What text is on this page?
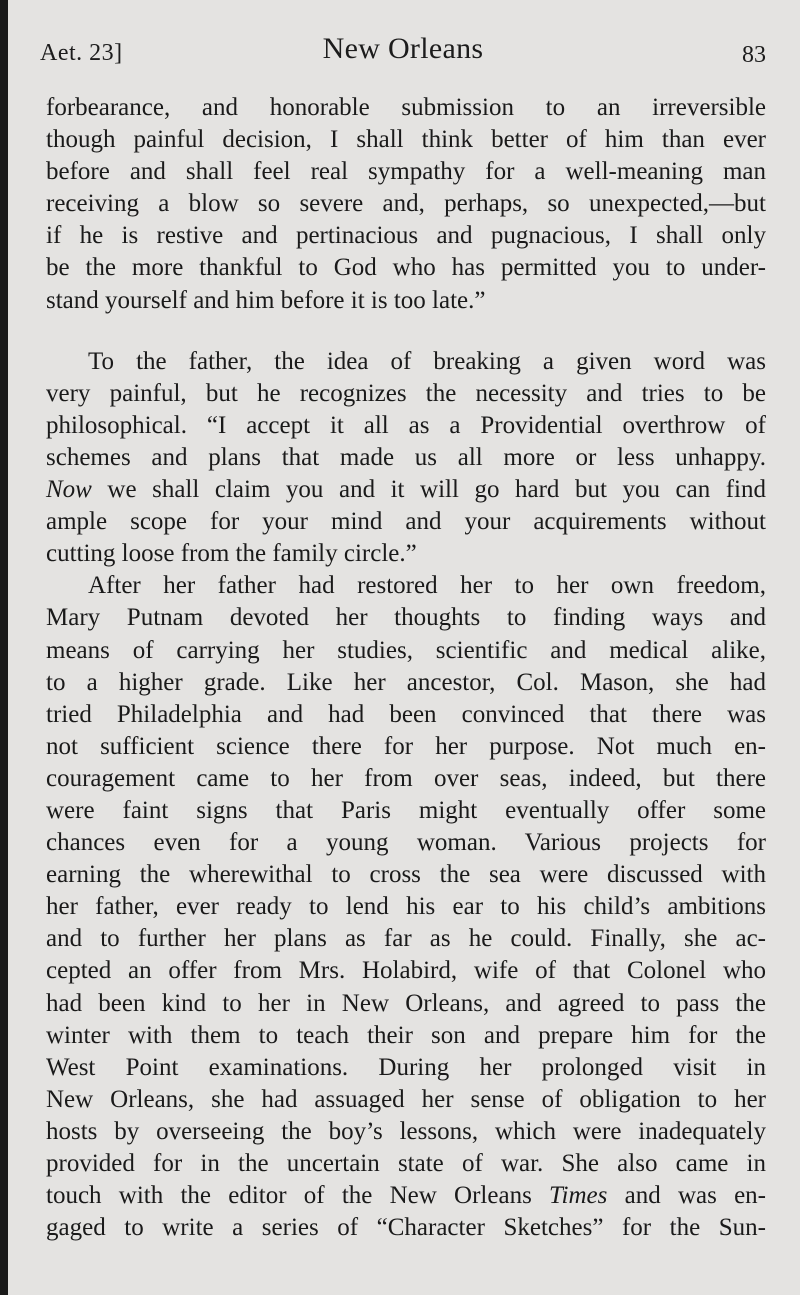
Aet. 23]	New Orleans	83
forbearance, and honorable submission to an irreversible
though painful decision, I shall think better of him than ever
before and shall feel real sympathy for a well-meaning man
receiving a blow so severe and, perhaps, so unexpected,—but
if he is restive and pertinacious and pugnacious, I shall only
be the more thankful to God who has permitted you to under-
stand yourself and him before it is too late.”
To the father, the idea of breaking a given word was
very painful, but he recognizes the necessity and tries to be
philosophical. “I accept it all as a Providential overthrow of
schemes and plans that made us all more or less unhappy.
Now we shall claim you and it will go hard but you can find
ample scope for your mind and your acquirements without
cutting loose from the family circle.”
After her father had restored her to her own freedom,
Mary Putnam devoted her thoughts to finding ways and
means of carrying her studies, scientific and medical alike,
to a higher grade. Like her ancestor, Col. Mason, she had
tried Philadelphia and had been convinced that there was
not sufficient science there for her purpose. Not much en-
couragement came to her from over seas, indeed, but there
were faint signs that Paris might eventually offer some
chances even for a young woman. Various projects for
earning the wherewithal to cross the sea were discussed with
her father, ever ready to lend his ear to his child’s ambitions
and to further her plans as far as he could. Finally, she ac-
cepted an offer from Mrs. Holabird, wife of that Colonel who
had been kind to her in New Orleans, and agreed to pass the
winter with them to teach their son and prepare him for the
West Point examinations. During her prolonged visit in
New Orleans, she had assuaged her sense of obligation to her
hosts by overseeing the boy’s lessons, which were inadequately
provided for in the uncertain state of war. She also came in
touch with the editor of the New Orleans Times and was en-
gaged to write a series of “Character Sketches” for the Sun-
